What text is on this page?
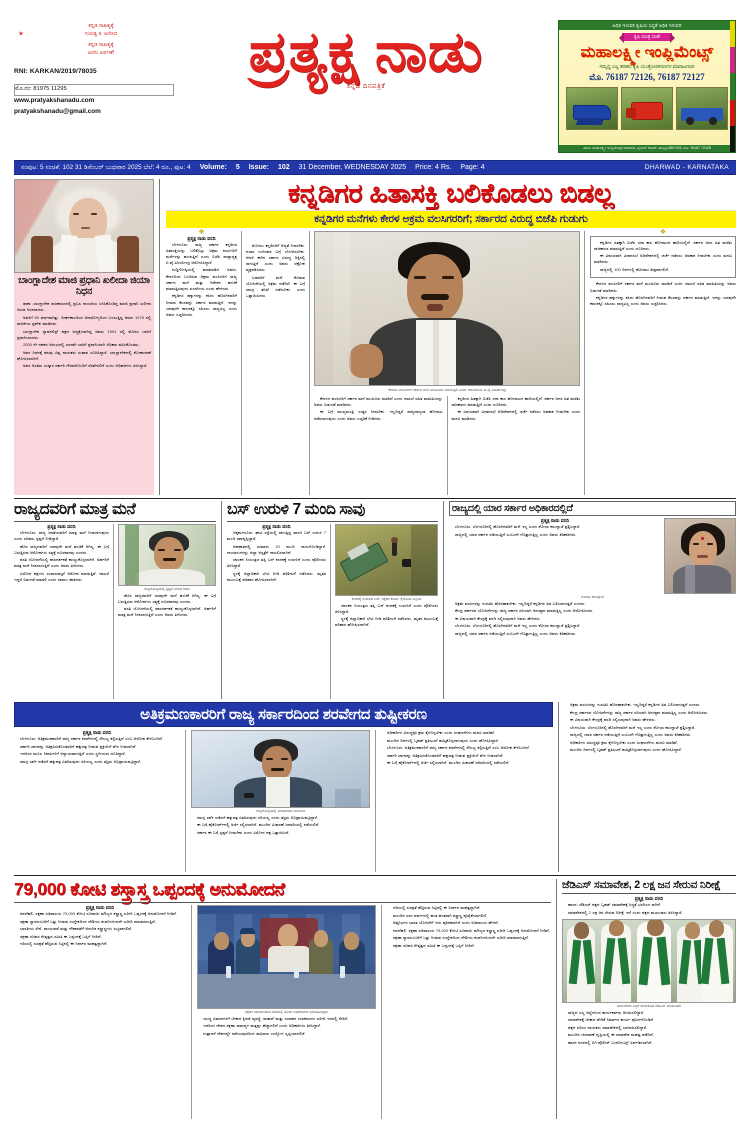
✶
ಕನ್ನಡ ಸಾಹಿತ್ಯಕ್ಕೆ
ಗುರುತ್ವ ಕ. ಅಣಿಸಿದ
ಕನ್ನಡ ಸಾಹಿತ್ಯಕ್ಕೆ
ಅರಸು ಅರ್ಪಣೆ!
RNI: KARKAN/2019/78035
ಮೊ.ನಂ: 81975 11295
www.pratyakshanadu.com
pratyakshanadu@gmail.com
ಪ್ರತ್ಯಕ್ಷ ನಾಡು
ಕನ್ನಡ ದಿನಪತ್ರಿಕೆ
ಅಧಿಕ ಇಳುವರಿ ಕೃಷಿಯ ಸಿದ್ಧತೆ ಅಧಿಕ ಇಳುವರಿ
ಕೃಷಿ ಯಂತ್ರ ಸಲಹೆ
ಮಹಾಲಕ್ಷ್ಮೀ ಇಂಪ್ಲಿಮೆಂಟ್ಸ್
ಸಮೃದ್ಧ ಎಲ್ಲ ತರಹದ ಕೃಷಿ ಯಂತ್ರೋಪಕರಣಗಳ ಮಾರಾಟಗಾರ!
ಮೊ. 76187 72126, 76187 72127
ವಿಳಾಸ: ಮಹಾಲಕ್ಷ್ಮೀ ಇಂಪ್ಲಿಮೆಂಟ್ಸ್ ಧಾರವಾಡ, ಬೈಪಾಸ್ ರೋಡ್, ಹುಬ್ಬಳ್ಳಿ-580 029, ಮೊ: 76187 72126
ಸಂಪುಟ: 5 ಸಂಚಿಕೆ: 102 31 ಡಿಸೆಂಬರ್ ಬುಧವಾರ 2025 ಬೆಲೆ: 4 ರೂ., ಪುಟ: 4 Volume: 5 Issue: 102 31 December, WEDNESDAY 2025 Price: 4 Rs. Page: 4	DHARWAD - KARNATAKA
ಬಾಂಗ್ಲಾದೇಶ ಮಾಜಿ ಪ್ರಧಾನಿ ಖಲೀದಾ ಜಿಯಾ ನಿಧನ

ಢಾಕಾ: ಬಾಂಗ್ಲಾದೇಶ ರಾಜಕಾರಣದಲ್ಲಿ ಪ್ರಬಲ ನಾಯಕಿಯ ಎನಿಸಿಕೊಂಡಿದ್ದ ಮಾಜಿ ಪ್ರಧಾನಿ ಖಲೀದಾ ಜಿಯಾ ನಿಧನರಾದರು.

ಅವರಿಗೆ 80 ವರ್ಷವಾಗಿತ್ತು. ದೀರ್ಘಕಾಲದಿಂದ ಅನಾರೋಗ್ಯದಿಂದ ಬಳಲುತ್ತಿದ್ದ ಅವರು 1975 ರಲ್ಲಿ ರಾಜಕೀಯ ಪ್ರವೇಶ ಮಾಡಿದರು.

ಬಾಂಗ್ಲಾದೇಶ ನ್ಯಾಷನಲಿಸ್ಟ್ ಪಕ್ಷದ ಅಧ್ಯಕ್ಷೆಯಾಗಿದ್ದ ಅವರು 1991 ರಲ್ಲಿ ಮೊದಲ ಬಾರಿಗೆ ಪ್ರಧಾನಿಯಾದರು.

2000 ನೇ ದಶಕದ ಆರಂಭದಲ್ಲಿ ಎರಡನೇ ಬಾರಿಗೆ ಪ್ರಧಾನಿಯಾಗಿ ಅಧಿಕಾರ ವಹಿಸಿಕೊಂಡರು.

ಅವರ ನಿಧನಕ್ಕೆ ಹಲವು ವಿಶ್ವ ನಾಯಕರು ಸಂತಾಪ ಸೂಚಿಸಿದ್ದಾರೆ. ಬಾಂಗ್ಲಾದೇಶದಲ್ಲಿ ಶೋಕಾಚರಣೆ ಘೋಷಿಸಲಾಗಿದೆ.

ಅವರ ಅಂತಿಮ ಸಂಸ್ಕಾರ ಸರ್ಕಾರಿ ಗೌರವದೊಂದಿಗೆ ನೆರವೇರಲಿದೆ ಎಂದು ಅಧಿಕಾರಿಗಳು ತಿಳಿಸಿದ್ದಾರೆ.

ಕನ್ನಡಿಗರ ಹಿತಾಸಕ್ತಿ ಬಲಿಕೊಡಲು ಬಿಡಲ್ಲ
ಕನ್ನಡಿಗರ ಮನೆಗಳು ಕೇರಳ ಅಕ್ರಮ ವಲಸಿಗರರಿಗೆ; ಸರ್ಕಾರದ ವಿರುದ್ಧ ಬಿಜೆಪಿ ಗುಡುಗು
❖
ಪ್ರತ್ಯಕ್ಷ ನಾಡು ವರದಿ

ಬೆಂಗಳೂರು: ರಾಜ್ಯ ಸರ್ಕಾರ ಕನ್ನಡಿಗರ ಹಿತಾಸಕ್ತಿಯನ್ನು ಬಲಿಕೊಟ್ಟು ಅಕ್ರಮ ವಲಸಿಗರಿಗೆ ಮನೆಗಳನ್ನು ಹಂಚುತ್ತಿದೆ ಎಂದು ಬಿಜೆಪಿ ರಾಜ್ಯಾಧ್ಯಕ್ಷ ಬಿ.ವೈ.ವಿಜಯೇಂದ್ರ ಆರೋಪಿಸಿದ್ದಾರೆ.

ಸುದ್ದಿಗೋಷ್ಠಿಯಲ್ಲಿ ಮಾತನಾಡಿದ ಅವರು, ಕೇರಳದಿಂದ ಬಂದಿರುವ ಅಕ್ರಮ ವಲಸಿಗರಿಗೆ ರಾಜ್ಯ ಸರ್ಕಾರ ಮನೆ ಮತ್ತು ನಿವೇಶನ ಹಂಚಿಕೆ ಮಾಡುತ್ತಿರುವುದು ಖಂಡನೀಯ ಎಂದು ಹೇಳಿದರು.

ಕನ್ನಡಿಗರ ಹಕ್ಕುಗಳನ್ನು ಕಸಿದು ಹೊರಗಿನವರಿಗೆ ನೀಡುವ ಕೆಲಸವನ್ನು ಸರ್ಕಾರ ಮಾಡುತ್ತಿದೆ. ಇದನ್ನು ಯಾವುದೇ ಕಾರಣಕ್ಕೂ ಸಹಿಸಲು ಸಾಧ್ಯವಿಲ್ಲ ಎಂದು ಅವರು ಎಚ್ಚರಿಸಿದರು.

ಮೊದಲು ಕನ್ನಡಿಗರಿಗೆ ಆದ್ಯತೆ ನೀಡಬೇಕು. ನಂತರ ಉಳಿದವರ ಬಗ್ಗೆ ಯೋಚಿಸಬೇಕು. ಆದರೆ ಈಗಿನ ಸರ್ಕಾರ ವಿರುದ್ಧ ದಿಕ್ಕಿನಲ್ಲಿ ಸಾಗುತ್ತಿದೆ ಎಂದು ಅವರು ಆಕ್ರೋಶ ವ್ಯಕ್ತಪಡಿಸಿದರು.

ಬಡವರಿಗೆ ಮನೆ ಕೊಡುವ ಯೋಜನೆಯಲ್ಲಿ ಅಕ್ರಮ ನಡೆದಿದೆ. ಈ ಬಗ್ಗೆ ಸಮಗ್ರ ತನಿಖೆ ನಡೆಸಬೇಕು ಎಂದು ಒತ್ತಾಯಿಸಿದರು.

ಕೇರಳದ ವಲಸಿಗರಿಗೆ ಸರ್ಕಾರ ಮನೆ ಮಂಜೂರು ಮಾಡುತ್ತಿದೆ ಎಂದು ಆರೋಪಿಸಿದ ಬಿ.ವೈ.ವಿಜಯೇಂದ್ರ

ಕೇರಳದ ವಲಸಿಗರಿಗೆ ಸರ್ಕಾರ ಮನೆ ಮಂಜೂರು ಮಾಡಿದೆ ಎಂದು ದಾಖಲೆ ಸಹಿತ ಮಾಹಿತಿಯನ್ನು ಅವರು ಬಿಡುಗಡೆ ಮಾಡಿದರು.

ಈ ಬಗ್ಗೆ ಮುಖ್ಯಮಂತ್ರಿ ಉತ್ತರ ನೀಡಬೇಕು. ಇಲ್ಲದಿದ್ದರೆ ರಾಜ್ಯದಾದ್ಯಂತ ಹೋರಾಟ ನಡೆಸಲಾಗುವುದು ಎಂದು ಅವರು ಎಚ್ಚರಿಕೆ ನೀಡಿದರು.

ಕನ್ನಡಿಗರ ಹಿತಕ್ಕಾಗಿ ಬಿಜೆಪಿ ಸದಾ ಕಾಲ ಹೋರಾಟದ ಹಾದಿಯಲ್ಲಿದೆ. ಸರ್ಕಾರ ಜನರ ಹಿತ ಮರೆತು ರಾಜಕಾರಣ ಮಾಡುತ್ತಿದೆ ಎಂದು ದೂರಿದರು.

ಈ ವಿಷಯವಾಗಿ ವಿಧಾನಸಭೆ ಅಧಿವೇಶನದಲ್ಲಿ ಚರ್ಚೆ ನಡೆಸಲು ಅವಕಾಶ ನೀಡಬೇಕು ಎಂದು ಮನವಿ ಮಾಡಿದರು.

❖

ಕನ್ನಡಿಗರ ಹಿತಕ್ಕಾಗಿ ಬಿಜೆಪಿ ಸದಾ ಕಾಲ ಹೋರಾಟದ ಹಾದಿಯಲ್ಲಿದೆ. ಸರ್ಕಾರ ಜನರ ಹಿತ ಮರೆತು ರಾಜಕಾರಣ ಮಾಡುತ್ತಿದೆ ಎಂದು ದೂರಿದರು.

ಈ ವಿಷಯವಾಗಿ ವಿಧಾನಸಭೆ ಅಧಿವೇಶನದಲ್ಲಿ ಚರ್ಚೆ ನಡೆಸಲು ಅವಕಾಶ ನೀಡಬೇಕು ಎಂದು ಮನವಿ ಮಾಡಿದರು.

ರಾಜ್ಯದಲ್ಲಿ 100 ದಿನಗಳಲ್ಲಿ ಹೋರಾಟ ತೀವ್ರವಾಗಲಿದೆ.

ಕೇರಳದ ವಲಸಿಗರಿಗೆ ಸರ್ಕಾರ ಮನೆ ಮಂಜೂರು ಮಾಡಿದೆ ಎಂದು ದಾಖಲೆ ಸಹಿತ ಮಾಹಿತಿಯನ್ನು ಅವರು ಬಿಡುಗಡೆ ಮಾಡಿದರು.

ಕನ್ನಡಿಗರ ಹಕ್ಕುಗಳನ್ನು ಕಸಿದು ಹೊರಗಿನವರಿಗೆ ನೀಡುವ ಕೆಲಸವನ್ನು ಸರ್ಕಾರ ಮಾಡುತ್ತಿದೆ. ಇದನ್ನು ಯಾವುದೇ ಕಾರಣಕ್ಕೂ ಸಹಿಸಲು ಸಾಧ್ಯವಿಲ್ಲ ಎಂದು ಅವರು ಎಚ್ಚರಿಸಿದರು.

ರಾಜ್ಯದವರಿಗೆ ಮಾತ್ರ ಮನೆ
ಪ್ರತ್ಯಕ್ಷ ನಾಡು ವರದಿ

ಬೆಂಗಳೂರು: ರಾಜ್ಯ ಜನತೆಯವರಿಗೆ ಮಾತ್ರ ಮನೆ ನೀಡಲಾಗುವುದು ಎಂದು ಸಚಿವರು ಸ್ಪಷ್ಟನೆ ನೀಡಿದ್ದಾರೆ.

ಹೊರ ರಾಜ್ಯದವರಿಗೆ ಯಾವುದೇ ಮನೆ ಹಂಚಿಕೆ ಆಗಿಲ್ಲ. ಈ ಬಗ್ಗೆ ಬರುತ್ತಿರುವ ಆರೋಪಗಳು ಸತ್ಯಕ್ಕೆ ದೂರವಾದವು ಎಂದರು.

ವಸತಿ ಯೋಜನೆಯಲ್ಲಿ ಪಾರದರ್ಶಕತೆ ಕಾಯ್ದುಕೊಳ್ಳಲಾಗಿದೆ. ಅರ್ಹರಿಗೆ ಮಾತ್ರ ಮನೆ ನೀಡಲಾಗುತ್ತಿದೆ ಎಂದು ಅವರು ತಿಳಿಸಿದರು.

ವಿರೋಧ ಪಕ್ಷಗಳು ಸುಖಾಸುಮ್ಮನೆ ಆರೋಪ ಮಾಡುತ್ತಿವೆ. ದಾಖಲೆ ಇದ್ದರೆ ಬಿಡುಗಡೆ ಮಾಡಲಿ ಎಂದು ಸವಾಲು ಹಾಕಿದರು.

ಸುದ್ದಿಗೋಷ್ಠಿಯಲ್ಲಿ ಸ್ಪಷ್ಟನೆ ನೀಡಿದ ಸಚಿವ

ಹೊರ ರಾಜ್ಯದವರಿಗೆ ಯಾವುದೇ ಮನೆ ಹಂಚಿಕೆ ಆಗಿಲ್ಲ. ಈ ಬಗ್ಗೆ ಬರುತ್ತಿರುವ ಆರೋಪಗಳು ಸತ್ಯಕ್ಕೆ ದೂರವಾದವು ಎಂದರು.

ವಸತಿ ಯೋಜನೆಯಲ್ಲಿ ಪಾರದರ್ಶಕತೆ ಕಾಯ್ದುಕೊಳ್ಳಲಾಗಿದೆ. ಅರ್ಹರಿಗೆ ಮಾತ್ರ ಮನೆ ನೀಡಲಾಗುತ್ತಿದೆ ಎಂದು ಅವರು ತಿಳಿಸಿದರು.

ಬಸ್ ಉರುಳಿ 7 ಮಂದಿ ಸಾವು
ಪ್ರತ್ಯಕ್ಷ ನಾಡು ವರದಿ

ಚಿಕ್ಕಮಗಳೂರು: ಘಾಟಿ ರಸ್ತೆಯಲ್ಲಿ ಸಾಗುತ್ತಿದ್ದ ಖಾಸಗಿ ಬಸ್ ಉರುಳಿ 7 ಮಂದಿ ಸಾವನ್ನಪ್ಪಿದ್ದಾರೆ.

ಅಪಘಾತದಲ್ಲಿ ಸುಮಾರು 20 ಮಂದಿ ಗಾಯಗೊಂಡಿದ್ದಾರೆ. ಗಾಯಾಳುಗಳನ್ನು ಜಿಲ್ಲಾ ಆಸ್ಪತ್ರೆಗೆ ದಾಖಲಿಸಲಾಗಿದೆ.

ಚಾಲಕನ ನಿಯಂತ್ರಣ ತಪ್ಪಿ ಬಸ್ ಕಂದಕಕ್ಕೆ ಉರುಳಿದೆ ಎಂದು ಪೊಲೀಸರು ತಿಳಿಸಿದ್ದಾರೆ.

ಸ್ಥಳಕ್ಕೆ ಜಿಲ್ಲಾಧಿಕಾರಿ ಭೇಟಿ ನೀಡಿ ಪರಿಶೀಲನೆ ನಡೆಸಿದರು. ಮೃತರ ಕುಟುಂಬಕ್ಕೆ ಪರಿಹಾರ ಘೋಷಿಸಲಾಗಿದೆ.

ಕಂದಕಕ್ಕೆ ಉರುಳಿದ ಬಸ್; ರಕ್ಷಣಾ ಕಾರ್ಯ ಕೈಗೊಂಡ ಸಿಬ್ಬಂದಿ

ಚಾಲಕನ ನಿಯಂತ್ರಣ ತಪ್ಪಿ ಬಸ್ ಕಂದಕಕ್ಕೆ ಉರುಳಿದೆ ಎಂದು ಪೊಲೀಸರು ತಿಳಿಸಿದ್ದಾರೆ.

ಸ್ಥಳಕ್ಕೆ ಜಿಲ್ಲಾಧಿಕಾರಿ ಭೇಟಿ ನೀಡಿ ಪರಿಶೀಲನೆ ನಡೆಸಿದರು. ಮೃತರ ಕುಟುಂಬಕ್ಕೆ ಪರಿಹಾರ ಘೋಷಿಸಲಾಗಿದೆ.

ರಾಜ್ಯದಲ್ಲಿ ಯಾರ ಸರ್ಕಾರ ಅಧಿಕಾರದಲ್ಲಿದೆ
ಪ್ರತ್ಯಕ್ಷ ನಾಡು ವರದಿ

ಬೆಂಗಳೂರು: ಬೆಂಗಳೂರಿನಲ್ಲಿ ಹೊರಗಿನವರಿಗೆ ಮನೆ ಇಲ್ಲ ಎಂದು ಶೋಭಾ ಕರಂದ್ಲಾಜೆ ಪ್ರಶ್ನಿಸಿದ್ದಾರೆ.

ರಾಜ್ಯದಲ್ಲಿ ಯಾರ ಸರ್ಕಾರ ನಡೆಯುತ್ತಿದೆ ಎಂಬುದೇ ಗೊತ್ತಾಗುತ್ತಿಲ್ಲ ಎಂದು ಅವರು ಕಿಡಿಕಾರಿದರು.

ಶೋಭಾ ಕರಂದ್ಲಾಜೆ

ಅಕ್ರಮ ವಲಸಿಗರನ್ನು ಗುರುತಿಸಿ ಹೊರಹಾಕಬೇಕು. ಇಲ್ಲದಿದ್ದರೆ ಕನ್ನಡಿಗರ ಹಿತ ಬಲಿಯಾಗುತ್ತದೆ ಎಂದರು.

ಕೇಂದ್ರ ಸರ್ಕಾರದ ಯೋಜನೆಗಳನ್ನು ರಾಜ್ಯ ಸರ್ಕಾರ ಸರಿಯಾಗಿ ಅನುಷ್ಠಾನ ಮಾಡುತ್ತಿಲ್ಲ ಎಂದು ಆರೋಪಿಸಿದರು.

ಈ ವಿಷಯವಾಗಿ ಕೇಂದ್ರಕ್ಕೆ ವರದಿ ಸಲ್ಲಿಸುವುದಾಗಿ ಅವರು ಹೇಳಿದರು.

ಬೆಂಗಳೂರು: ಬೆಂಗಳೂರಿನಲ್ಲಿ ಹೊರಗಿನವರಿಗೆ ಮನೆ ಇಲ್ಲ ಎಂದು ಶೋಭಾ ಕರಂದ್ಲಾಜೆ ಪ್ರಶ್ನಿಸಿದ್ದಾರೆ.

ರಾಜ್ಯದಲ್ಲಿ ಯಾರ ಸರ್ಕಾರ ನಡೆಯುತ್ತಿದೆ ಎಂಬುದೇ ಗೊತ್ತಾಗುತ್ತಿಲ್ಲ ಎಂದು ಅವರು ಕಿಡಿಕಾರಿದರು.

ಅತಿಕ್ರಮಣಕಾರರಿಗೆ ರಾಜ್ಯ ಸರ್ಕಾರದಿಂದ ಶರವೇಗದ ತುಷ್ಟೀಕರಣ
ಪ್ರತ್ಯಕ್ಷ ನಾಡು ವರದಿ

ಬೆಂಗಳೂರು: ಅತಿಕ್ರಮಣಕಾರರಿಗೆ ರಾಜ್ಯ ಸರ್ಕಾರ ಶರವೇಗದಲ್ಲಿ ಸೌಲಭ್ಯ ಕಲ್ಪಿಸುತ್ತಿದೆ ಎಂಬ ಆರೋಪ ಕೇಳಿಬಂದಿದೆ.

ಸರ್ಕಾರಿ ಜಾಗವನ್ನು ಅತಿಕ್ರಮಿಸಿಕೊಂಡವರಿಗೆ ಹಕ್ಕುಪತ್ರ ನೀಡುವ ಪ್ರಕ್ರಿಯೆಗೆ ವೇಗ ನೀಡಲಾಗಿದೆ.

ಇದರಿಂದ ಮೂಲ ನಿವಾಸಿಗಳಿಗೆ ಅನ್ಯಾಯವಾಗುತ್ತಿದೆ ಎಂದು ಸ್ಥಳೀಯರು ದೂರಿದ್ದಾರೆ.

ಸಮಗ್ರ ಸರ್ವೆ ನಡೆಸದೆ ಹಕ್ಕುಪತ್ರ ವಿತರಿಸುವುದು ಸರಿಯಲ್ಲ ಎಂದು ತಜ್ಞರು ಅಭಿಪ್ರಾಯಪಟ್ಟಿದ್ದಾರೆ.

ಸುದ್ದಿಗೋಷ್ಠಿಯಲ್ಲಿ ಮಾತನಾಡಿದ ಮುಖಂಡ

ಸಮಗ್ರ ಸರ್ವೆ ನಡೆಸದೆ ಹಕ್ಕುಪತ್ರ ವಿತರಿಸುವುದು ಸರಿಯಲ್ಲ ಎಂದು ತಜ್ಞರು ಅಭಿಪ್ರಾಯಪಟ್ಟಿದ್ದಾರೆ.

ಈ ಬಗ್ಗೆ ಹೈಕೋರ್ಟ್‌ನಲ್ಲಿ ಅರ್ಜಿ ಸಲ್ಲಿಸಲಾಗಿದೆ. ಮುಂದಿನ ವಿಚಾರಣೆ ಜನವರಿಯಲ್ಲಿ ನಡೆಯಲಿದೆ.

ಸರ್ಕಾರ ಈ ಬಗ್ಗೆ ಸ್ಪಷ್ಟನೆ ನೀಡಬೇಕು ಎಂದು ವಿರೋಧ ಪಕ್ಷ ಒತ್ತಾಯಿಸಿದೆ.

ಅಧಿಕಾರಿಗಳ ವಿರುದ್ಧವೂ ಕ್ರಮ ಕೈಗೊಳ್ಳಬೇಕು ಎಂದು ಸಂಘಟನೆಗಳು ಮನವಿ ಮಾಡಿವೆ.

ಮುಂದಿನ ದಿನಗಳಲ್ಲಿ ಬೃಹತ್ ಪ್ರತಿಭಟನೆ ಹಮ್ಮಿಕೊಳ್ಳಲಾಗುವುದು ಎಂದು ಘೋಷಿಸಿದ್ದಾರೆ.

ಬೆಂಗಳೂರು: ಅತಿಕ್ರಮಣಕಾರರಿಗೆ ರಾಜ್ಯ ಸರ್ಕಾರ ಶರವೇಗದಲ್ಲಿ ಸೌಲಭ್ಯ ಕಲ್ಪಿಸುತ್ತಿದೆ ಎಂಬ ಆರೋಪ ಕೇಳಿಬಂದಿದೆ.

ಸರ್ಕಾರಿ ಜಾಗವನ್ನು ಅತಿಕ್ರಮಿಸಿಕೊಂಡವರಿಗೆ ಹಕ್ಕುಪತ್ರ ನೀಡುವ ಪ್ರಕ್ರಿಯೆಗೆ ವೇಗ ನೀಡಲಾಗಿದೆ.

ಈ ಬಗ್ಗೆ ಹೈಕೋರ್ಟ್‌ನಲ್ಲಿ ಅರ್ಜಿ ಸಲ್ಲಿಸಲಾಗಿದೆ. ಮುಂದಿನ ವಿಚಾರಣೆ ಜನವರಿಯಲ್ಲಿ ನಡೆಯಲಿದೆ.

ಅಕ್ರಮ ವಲಸಿಗರನ್ನು ಗುರುತಿಸಿ ಹೊರಹಾಕಬೇಕು. ಇಲ್ಲದಿದ್ದರೆ ಕನ್ನಡಿಗರ ಹಿತ ಬಲಿಯಾಗುತ್ತದೆ ಎಂದರು.

ಕೇಂದ್ರ ಸರ್ಕಾರದ ಯೋಜನೆಗಳನ್ನು ರಾಜ್ಯ ಸರ್ಕಾರ ಸರಿಯಾಗಿ ಅನುಷ್ಠಾನ ಮಾಡುತ್ತಿಲ್ಲ ಎಂದು ಆರೋಪಿಸಿದರು.

ಈ ವಿಷಯವಾಗಿ ಕೇಂದ್ರಕ್ಕೆ ವರದಿ ಸಲ್ಲಿಸುವುದಾಗಿ ಅವರು ಹೇಳಿದರು.

ಬೆಂಗಳೂರು: ಬೆಂಗಳೂರಿನಲ್ಲಿ ಹೊರಗಿನವರಿಗೆ ಮನೆ ಇಲ್ಲ ಎಂದು ಶೋಭಾ ಕರಂದ್ಲಾಜೆ ಪ್ರಶ್ನಿಸಿದ್ದಾರೆ.

ರಾಜ್ಯದಲ್ಲಿ ಯಾರ ಸರ್ಕಾರ ನಡೆಯುತ್ತಿದೆ ಎಂಬುದೇ ಗೊತ್ತಾಗುತ್ತಿಲ್ಲ ಎಂದು ಅವರು ಕಿಡಿಕಾರಿದರು.

ಅಧಿಕಾರಿಗಳ ವಿರುದ್ಧವೂ ಕ್ರಮ ಕೈಗೊಳ್ಳಬೇಕು ಎಂದು ಸಂಘಟನೆಗಳು ಮನವಿ ಮಾಡಿವೆ.

ಮುಂದಿನ ದಿನಗಳಲ್ಲಿ ಬೃಹತ್ ಪ್ರತಿಭಟನೆ ಹಮ್ಮಿಕೊಳ್ಳಲಾಗುವುದು ಎಂದು ಘೋಷಿಸಿದ್ದಾರೆ.

79,000 ಕೋಟಿ ಶಸ್ತ್ರಾಸ್ತ್ರ ಒಪ್ಪಂದಕ್ಕೆ ಅನುಮೋದನೆ
ಪ್ರತ್ಯಕ್ಷ ನಾಡು ವರದಿ

ನವದೆಹಲಿ: ರಕ್ಷಣಾ ಸಚಿವಾಲಯ 79,000 ಕೋಟಿ ರೂಪಾಯಿ ಮೌಲ್ಯದ ಶಸ್ತ್ರಾಸ್ತ್ರ ಖರೀದಿ ಒಪ್ಪಂದಕ್ಕೆ ಅನುಮೋದನೆ ನೀಡಿದೆ.

ರಕ್ಷಣಾ ಸ್ವಾವಲಂಬನೆಗೆ ಒತ್ತು ನೀಡುವ ಉದ್ದೇಶದಿಂದ ದೇಶೀಯ ಕಂಪನಿಗಳಿಂದಲೇ ಖರೀದಿ ಮಾಡಲಾಗುತ್ತಿದೆ.

ಭಾರತೀಯ ಸೇನೆ, ವಾಯುಪಡೆ ಮತ್ತು ನೌಕಾಪಡೆಗೆ ಆಧುನಿಕ ಶಸ್ತ್ರಾಸ್ತ್ರಗಳು ಲಭ್ಯವಾಗಲಿವೆ.

ರಕ್ಷಣಾ ಸಚಿವರ ನೇತೃತ್ವದ ಸಮಿತಿ ಈ ಒಪ್ಪಂದಕ್ಕೆ ಒಪ್ಪಿಗೆ ನೀಡಿದೆ.

ಗಡಿಯಲ್ಲಿ ಸುರಕ್ಷತೆ ಹೆಚ್ಚಿಸುವ ನಿಟ್ಟಿನಲ್ಲಿ ಈ ನಿರ್ಧಾರ ಮಹತ್ವದ್ದಾಗಿದೆ.

ರಕ್ಷಣಾ ಸಚಿವಾಲಯದ ಸಭೆಯಲ್ಲಿ ಹಿರಿಯ ಅಧಿಕಾರಿಗಳು ಭಾಗವಹಿಸಿದ್ದರು

ಯುದ್ಧ ವಿಮಾನಗಳಿಗೆ ಬೇಕಾದ ಕ್ಷಿಪಣಿ ವ್ಯವಸ್ಥೆ, ರಾಡಾರ್ ಮತ್ತು ಸಂವಹನ ಉಪಕರಣಗಳ ಖರೀದಿ ಇದರಲ್ಲಿ ಸೇರಿದೆ.

ಇದರಿಂದ ದೇಶದ ರಕ್ಷಣಾ ಸಾಮರ್ಥ್ಯ ಮತ್ತಷ್ಟು ಹೆಚ್ಚಾಗಲಿದೆ ಎಂದು ಅಧಿಕಾರಿಗಳು ತಿಳಿಸಿದ್ದಾರೆ.

ಉತ್ಪಾದನೆ ದೇಶದಲ್ಲೇ ನಡೆಯುವುದರಿಂದ ಸಾವಿರಾರು ಉದ್ಯೋಗ ಸೃಷ್ಟಿಯಾಗಲಿದೆ.

ಗಡಿಯಲ್ಲಿ ಸುರಕ್ಷತೆ ಹೆಚ್ಚಿಸುವ ನಿಟ್ಟಿನಲ್ಲಿ ಈ ನಿರ್ಧಾರ ಮಹತ್ವದ್ದಾಗಿದೆ.

ಮುಂದಿನ ಐದು ವರ್ಷಗಳಲ್ಲಿ ಹಂತ ಹಂತವಾಗಿ ಶಸ್ತ್ರಾಸ್ತ್ರ ಪೂರೈಕೆಯಾಗಲಿದೆ.

ಆತ್ಮನಿರ್ಭರ ಭಾರತ ಯೋಜನೆಗೆ ಇದು ಪೂರಕವಾಗಿದೆ ಎಂದು ಸಚಿವಾಲಯ ಹೇಳಿದೆ.

ನವದೆಹಲಿ: ರಕ್ಷಣಾ ಸಚಿವಾಲಯ 79,000 ಕೋಟಿ ರೂಪಾಯಿ ಮೌಲ್ಯದ ಶಸ್ತ್ರಾಸ್ತ್ರ ಖರೀದಿ ಒಪ್ಪಂದಕ್ಕೆ ಅನುಮೋದನೆ ನೀಡಿದೆ.

ರಕ್ಷಣಾ ಸ್ವಾವಲಂಬನೆಗೆ ಒತ್ತು ನೀಡುವ ಉದ್ದೇಶದಿಂದ ದೇಶೀಯ ಕಂಪನಿಗಳಿಂದಲೇ ಖರೀದಿ ಮಾಡಲಾಗುತ್ತಿದೆ.

ರಕ್ಷಣಾ ಸಚಿವರ ನೇತೃತ್ವದ ಸಮಿತಿ ಈ ಒಪ್ಪಂದಕ್ಕೆ ಒಪ್ಪಿಗೆ ನೀಡಿದೆ.

ಜೆಡಿಎಸ್ ಸಮಾವೇಶ, 2 ಲಕ್ಷ ಜನ ಸೇರುವ ನಿರೀಕ್ಷೆ
ಪ್ರತ್ಯಕ್ಷ ನಾಡು ವರದಿ

ಹಾಸನ: ಜೆಡಿಎಸ್ ಪಕ್ಷದ ಬೃಹತ್ ಸಮಾವೇಶಕ್ಕೆ ಸಿದ್ಧತೆ ಭರದಿಂದ ಸಾಗಿದೆ.

ಸಮಾವೇಶದಲ್ಲಿ 2 ಲಕ್ಷ ಜನ ಸೇರುವ ನಿರೀಕ್ಷೆ ಇದೆ ಎಂದು ಪಕ್ಷದ ಮುಖಂಡರು ತಿಳಿಸಿದ್ದಾರೆ.

ಸಮಾವೇಶದ ಸಿದ್ಧತೆ ಪರಿಶೀಲಿಸಿದ ಜೆಡಿಎಸ್ ಮುಖಂಡರು

ರಾಜ್ಯದ ಎಲ್ಲ ಜಿಲ್ಲೆಗಳಿಂದ ಕಾರ್ಯಕರ್ತರು ಆಗಮಿಸಲಿದ್ದಾರೆ.

ಸಮಾವೇಶಕ್ಕೆ ಬೇಕಾದ ವೇದಿಕೆ ನಿರ್ಮಾಣ ಕಾರ್ಯ ಪೂರ್ಣಗೊಂಡಿದೆ.

ಪಕ್ಷದ ಹಿರಿಯ ನಾಯಕರು ಸಮಾವೇಶದಲ್ಲಿ ಭಾಗವಹಿಸಲಿದ್ದಾರೆ.

ಮುಂದಿನ ಚುನಾವಣೆ ದೃಷ್ಟಿಯಲ್ಲಿ ಈ ಸಮಾವೇಶ ಮಹತ್ವ ಪಡೆದಿದೆ.

ಹಾಸನ ನಗರದಲ್ಲಿ ಬಿಗಿ ಪೊಲೀಸ್ ಬಂದೋಬಸ್ತ್ ಏರ್ಪಡಿಸಲಾಗಿದೆ.
